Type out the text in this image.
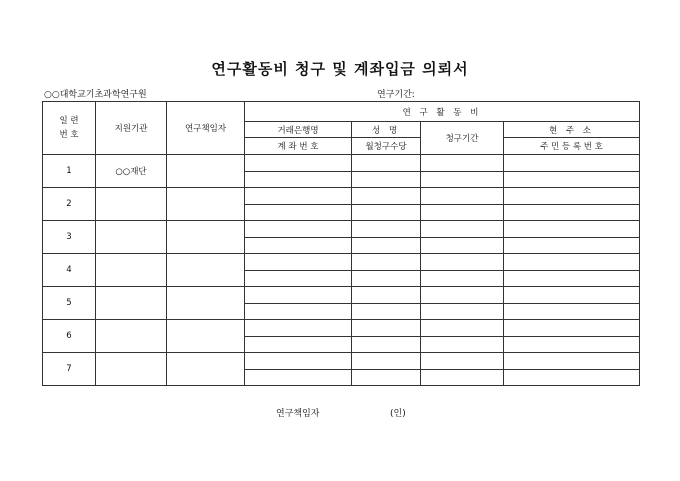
연구활동비 청구 및 계좌입금 의뢰서
○○대학교기초과학연구원	연구기간:
일 련
번 호	지원기관	연구책임자	연 구 활 동 비			
			거래은행명	성 명	청구기간	현 주 소
			계 좌 번 호	월청구수당		주 민 등 록 번 호
1	○○재단					

2						

3						

4						

5						

6						

7						

연구책임자	(인)
